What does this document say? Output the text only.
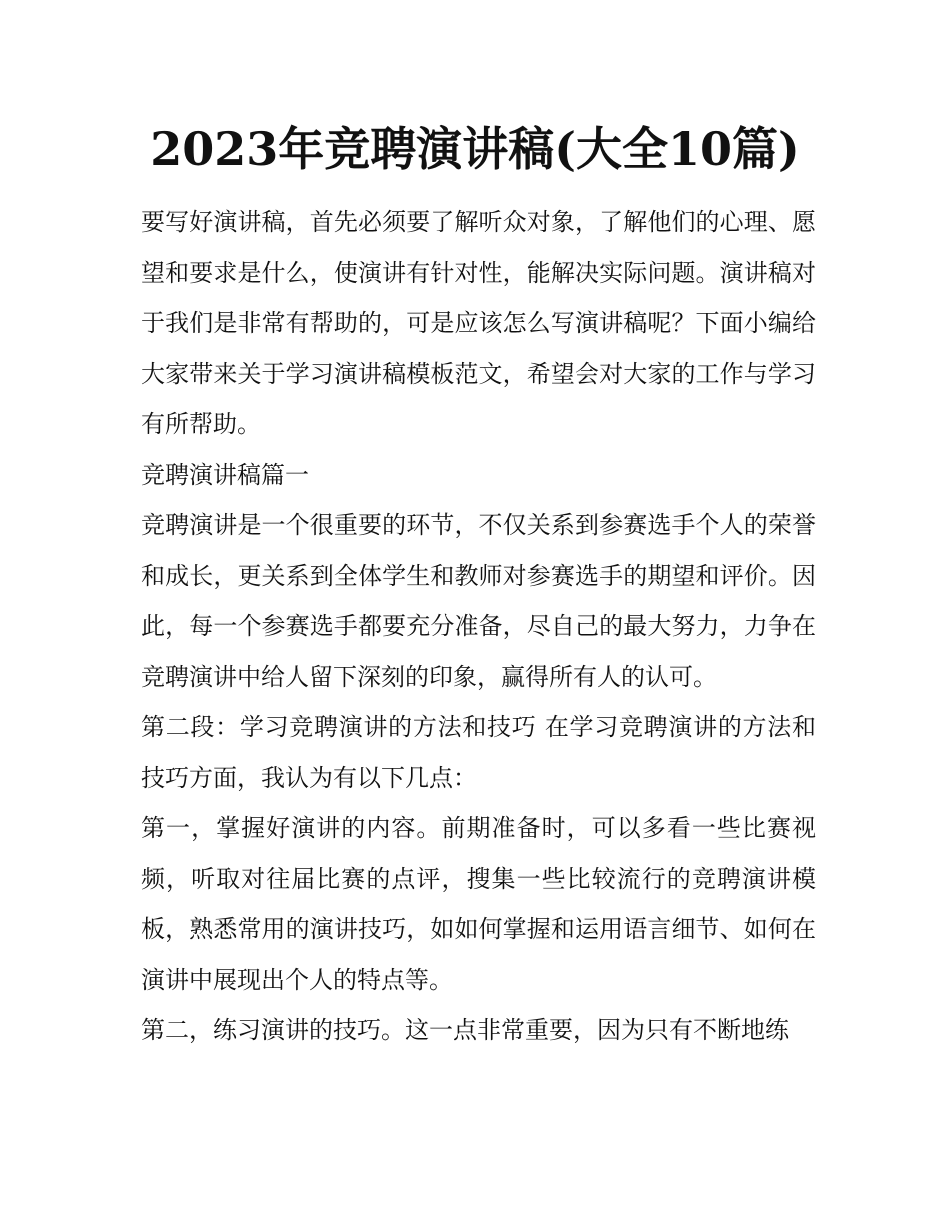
2023年竞聘演讲稿(大全10篇)

要写好演讲稿，首先必须要了解听众对象，了解他们的心理、愿望和要求是什么，使演讲有针对性，能解决实际问题。演讲稿对于我们是非常有帮助的，可是应该怎么写演讲稿呢？下面小编给大家带来关于学习演讲稿模板范文，希望会对大家的工作与学习有所帮助。

竞聘演讲稿篇一

竞聘演讲是一个很重要的环节，不仅关系到参赛选手个人的荣誉和成长，更关系到全体学生和教师对参赛选手的期望和评价。因此，每一个参赛选手都要充分准备，尽自己的最大努力，力争在竞聘演讲中给人留下深刻的印象，赢得所有人的认可。

第二段：学习竞聘演讲的方法和技巧 在学习竞聘演讲的方法和技巧方面，我认为有以下几点：

第一，掌握好演讲的内容。前期准备时，可以多看一些比赛视频，听取对往届比赛的点评，搜集一些比较流行的竞聘演讲模板，熟悉常用的演讲技巧，如如何掌握和运用语言细节、如何在演讲中展现出个人的特点等。

第二，练习演讲的技巧。这一点非常重要，因为只有不断地练
